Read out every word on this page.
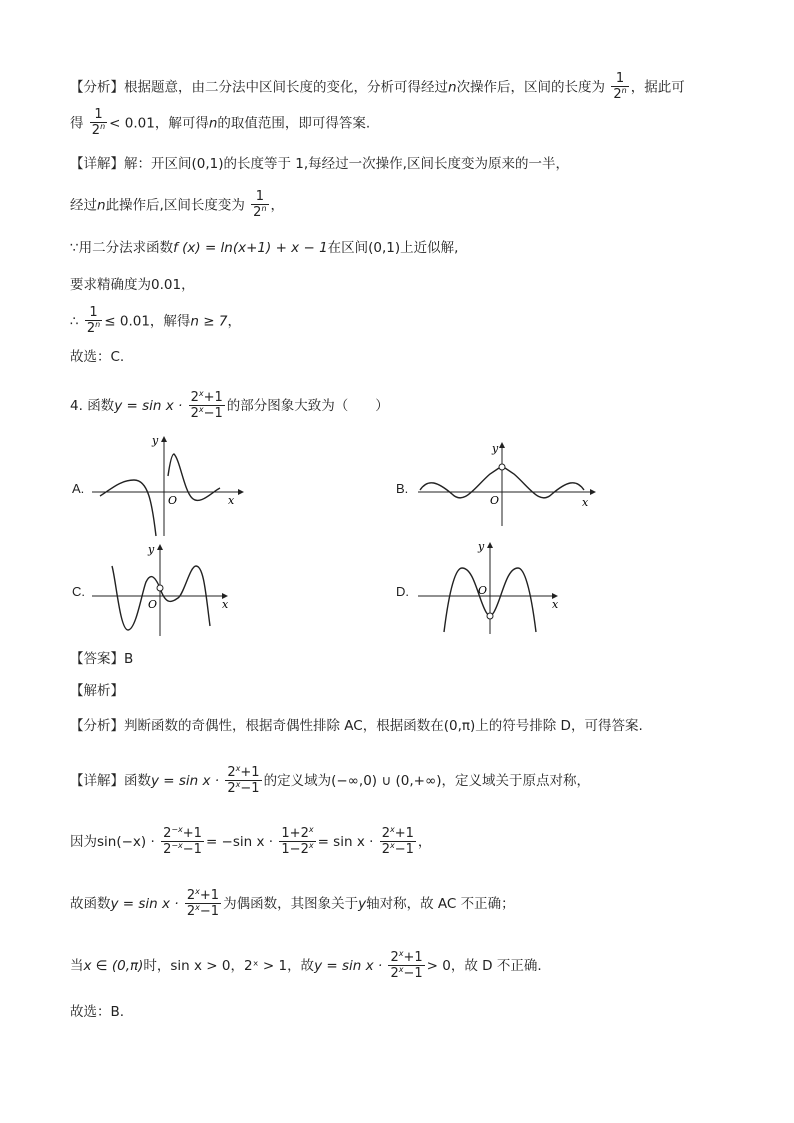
【分析】根据题意，由二分法中区间长度的变化，分析可得经过n次操作后，区间的长度为 $\frac{1}{2^n}$ ，据此可
得 $\frac{1}{2^n} < 0.01$，解可得n的取值范围，即可得答案.
【详解】解：开区间(0,1)的长度等于 1,每经过一次操作,区间长度变为原来的一半，
经过n此操作后,区间长度变为 $\frac{1}{2^n}$ ，
∵用二分法求函数f (x) = ln(x+1) + x − 1在区间(0,1)上近似解,
要求精确度为0.01，
∴ $\frac{1}{2^n} \le 0.01$，解得n ≥ 7，
故选：C.
4. 函数$y = \sin x \cdot \frac{2^x+1}{2^x-1}$ 的部分图象大致为（　　）
A.
x
y
O
B.
x
y
O
C.
x
y
O
D.
x
y
O
【答案】B
【解析】
【分析】判断函数的奇偶性，根据奇偶性排除 AC，根据函数在(0,π)上的符号排除 D，可得答案.
【详解】函数$y = \sin x \cdot \frac{2^x+1}{2^x-1}$ 的定义域为(−∞,0) ∪ (0,+∞)，定义域关于原点对称，
因为$\sin(-x) \cdot \frac{2^{-x}+1}{2^{-x}-1} = -\sin$ $x \cdot \frac{1+2^x}{1-2^x} = \sin x \cdot \frac{2^x+1}{2^x-1}$ ，
故函数$y = \sin x \cdot \frac{2^x+1}{2^x-1}$ 为偶函数，其图象关于y轴对称，故 AC 不正确；
当x ∈ (0,π)时，sin x > 0，2ˣ > 1，故$y = \sin x \cdot \frac{2^x+1}{2^x-1} > 0$，故 D 不正确.
故选：B.
